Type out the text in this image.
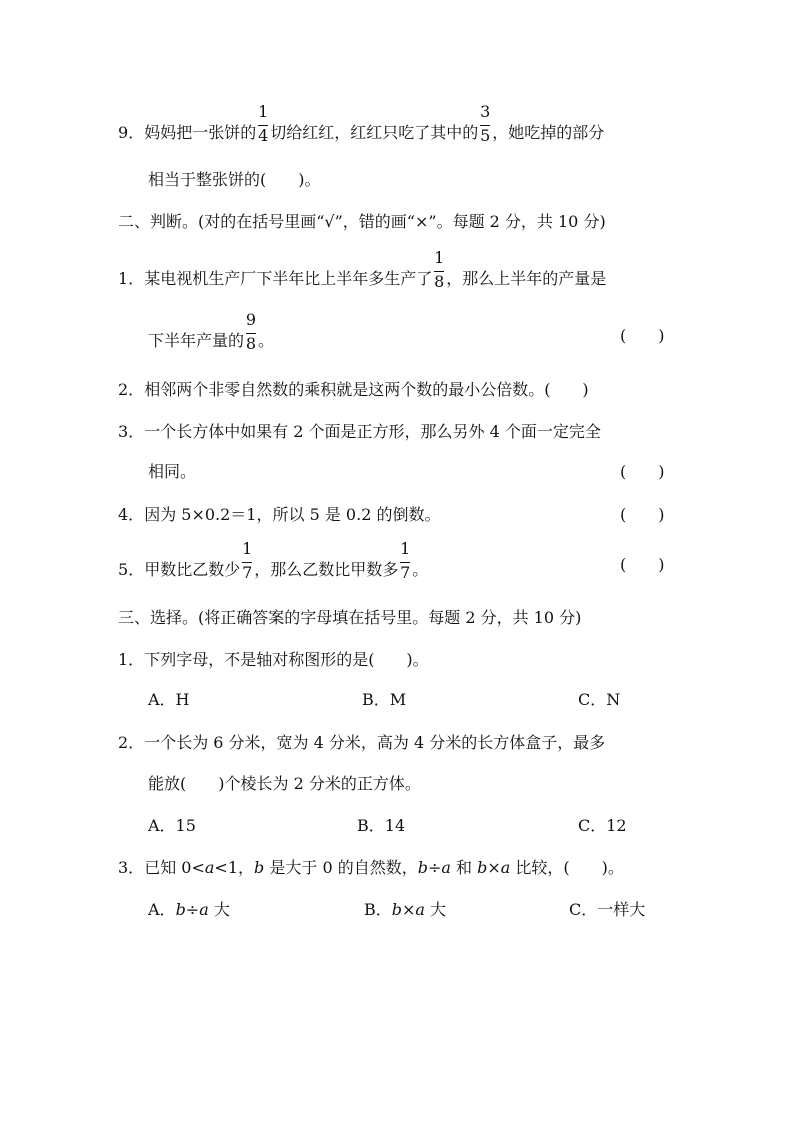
9．妈妈把一张饼的 $\frac{1}{4}$ 切给红红，红红只吃了其中的 $\frac{3}{5}$ ，她吃掉的部分
相当于整张饼的(　　)。
二、判断。(对的在括号里画“√”，错的画“×”。每题 2 分，共 10 分)
1．某电视机生产厂下半年比上半年多生产了 $\frac{1}{8}$ ，那么上半年的产量是
下半年产量的 $\frac{9}{8}$ 。	(　　)
2．相邻两个非零自然数的乘积就是这两个数的最小公倍数。(　　)
3．一个长方体中如果有 2 个面是正方形，那么另外 4 个面一定完全
相同。	(　　)
4．因为 5×0.2＝1，所以 5 是 0.2 的倒数。	(　　)
5．甲数比乙数少 $\frac{1}{7}$ ，那么乙数比甲数多 $\frac{1}{7}$ 。	(　　)
三、选择。(将正确答案的字母填在括号里。每题 2 分，共 10 分)
1．下列字母，不是轴对称图形的是(　　)。
A．H	B．M	C．N
2．一个长为 6 分米，宽为 4 分米，高为 4 分米的长方体盒子，最多
能放(　　)个棱长为 2 分米的正方体。
A．15	B．14	C．12
3．已知 0<a<1，b 是大于 0 的自然数，b÷a 和 b×a 比较，(　　)。
A．b÷a 大	B．b×a 大	C．一样大
